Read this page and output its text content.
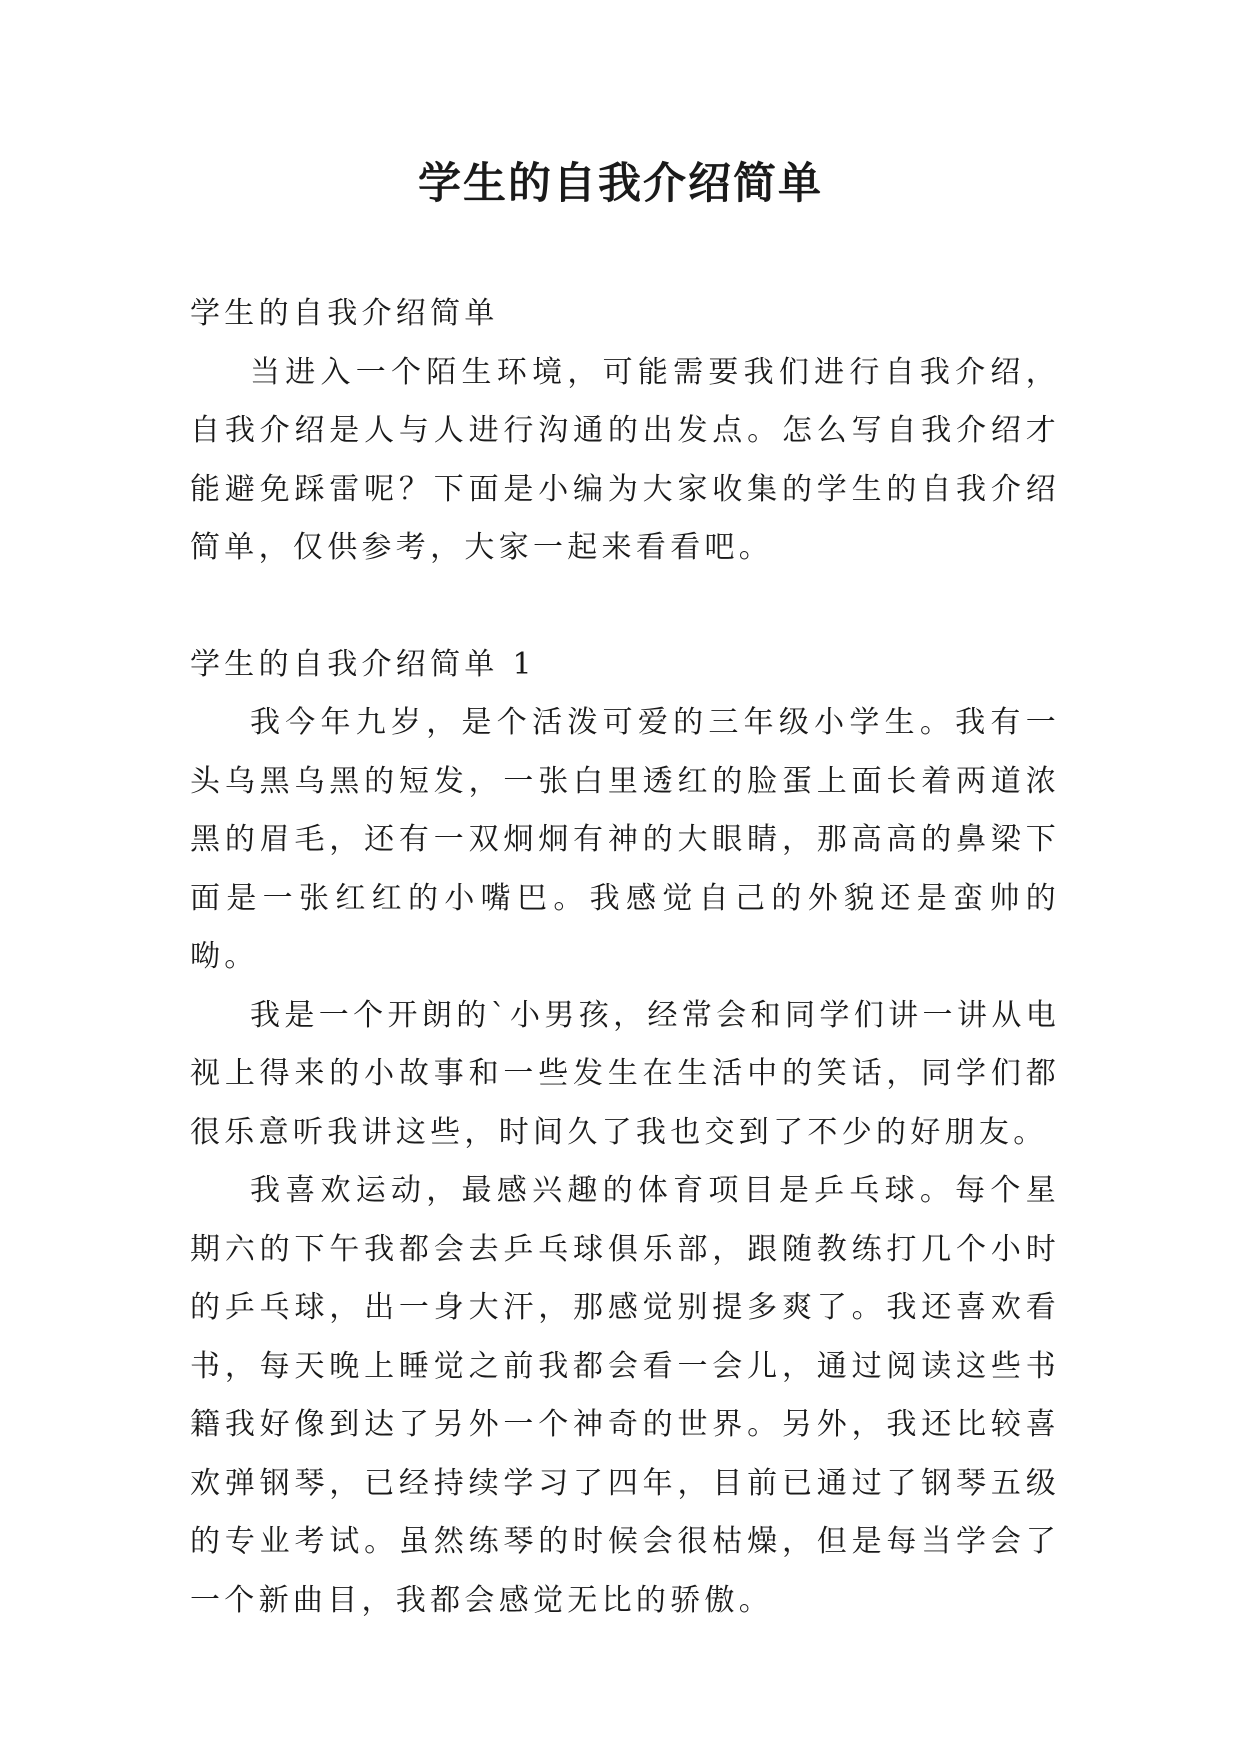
学生的自我介绍简单
学生的自我介绍简单

当进入一个陌生环境，可能需要我们进行自我介绍，自我介绍是人与人进行沟通的出发点。怎么写自我介绍才能避免踩雷呢？下面是小编为大家收集的学生的自我介绍简单，仅供参考，大家一起来看看吧。

学生的自我介绍简单 1

我今年九岁，是个活泼可爱的三年级小学生。我有一头乌黑乌黑的短发，一张白里透红的脸蛋上面长着两道浓黑的眉毛，还有一双炯炯有神的大眼睛，那高高的鼻梁下面是一张红红的小嘴巴。我感觉自己的外貌还是蛮帅的呦。

我是一个开朗的`小男孩，经常会和同学们讲一讲从电视上得来的小故事和一些发生在生活中的笑话，同学们都很乐意听我讲这些，时间久了我也交到了不少的好朋友。

我喜欢运动，最感兴趣的体育项目是乒乓球。每个星期六的下午我都会去乒乓球俱乐部，跟随教练打几个小时的乒乓球，出一身大汗，那感觉别提多爽了。我还喜欢看书，每天晚上睡觉之前我都会看一会儿，通过阅读这些书籍我好像到达了另外一个神奇的世界。另外，我还比较喜欢弹钢琴，已经持续学习了四年，目前已通过了钢琴五级的专业考试。虽然练琴的时候会很枯燥，但是每当学会了一个新曲目，我都会感觉无比的骄傲。
